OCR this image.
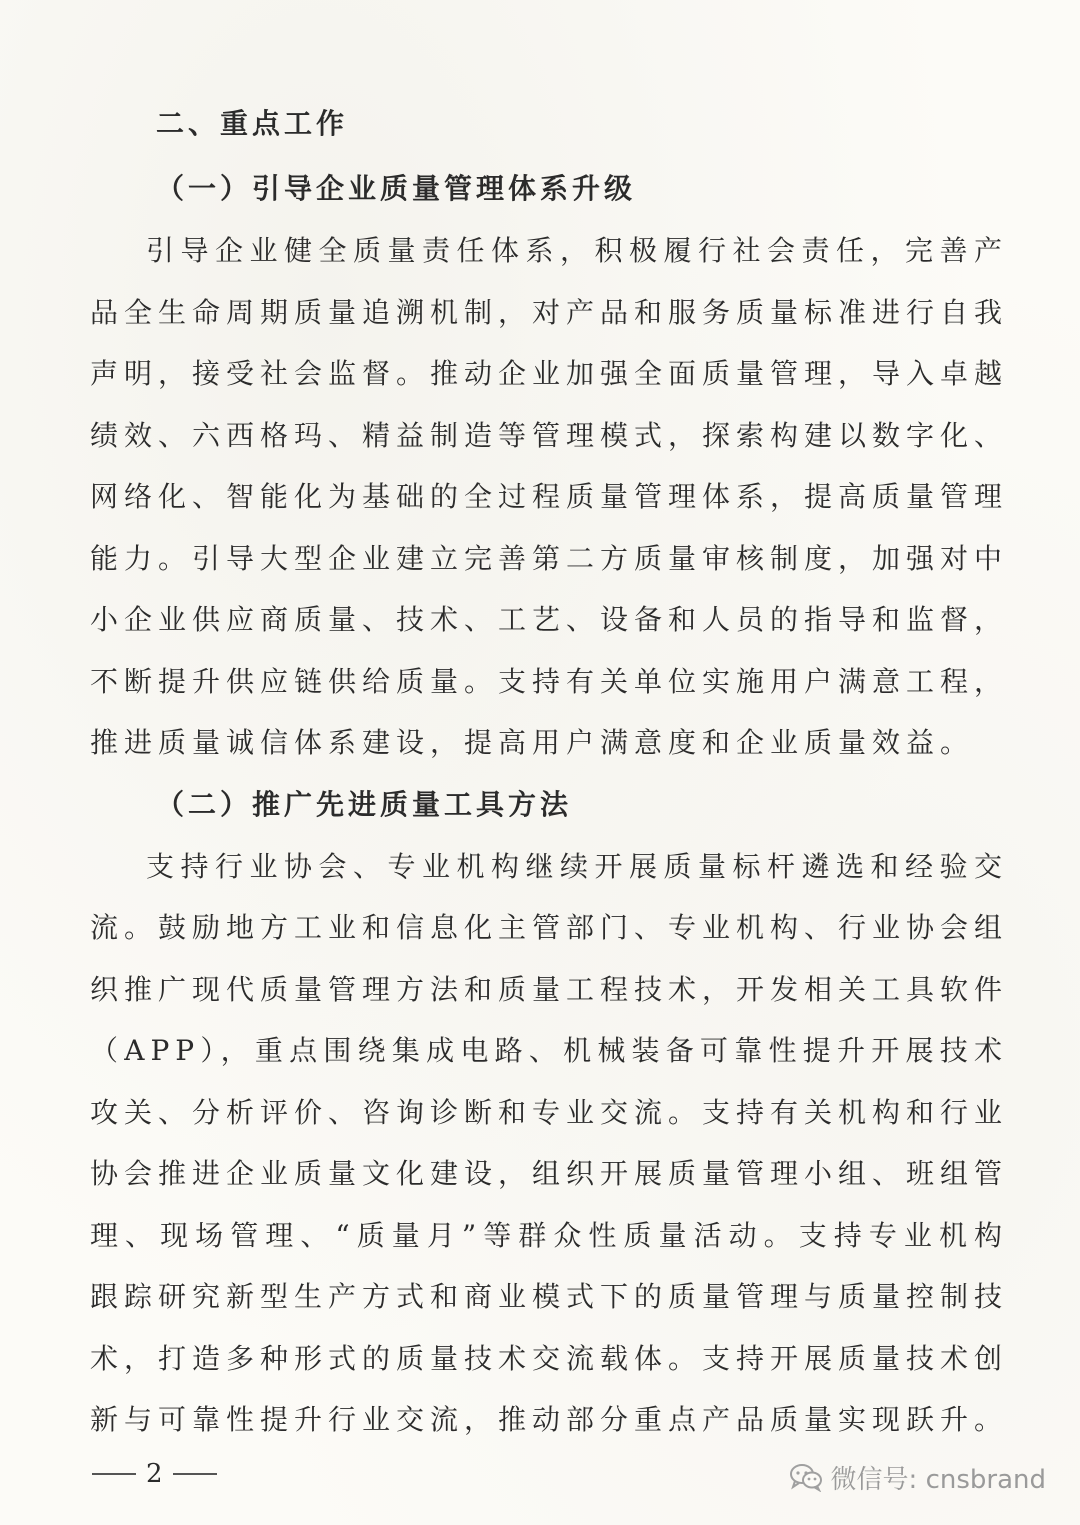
二、重点工作
（一）引导企业质量管理体系升级

引导企业健全质量责任体系，积极履行社会责任，完善产品全生命周期质量追溯机制，对产品和服务质量标准进行自我声明，接受社会监督。推动企业加强全面质量管理，导入卓越绩效、六西格玛、精益制造等管理模式，探索构建以数字化、网络化、智能化为基础的全过程质量管理体系，提高质量管理能力。引导大型企业建立完善第二方质量审核制度，加强对中小企业供应商质量、技术、工艺、设备和人员的指导和监督，不断提升供应链供给质量。支持有关单位实施用户满意工程，推进质量诚信体系建设，提高用户满意度和企业质量效益。

（二）推广先进质量工具方法

支持行业协会、专业机构继续开展质量标杆遴选和经验交流。鼓励地方工业和信息化主管部门、专业机构、行业协会组织推广现代质量管理方法和质量工程技术，开发相关工具软件（APP），重点围绕集成电路、机械装备可靠性提升开展技术攻关、分析评价、咨询诊断和专业交流。支持有关机构和行业协会推进企业质量文化建设，组织开展质量管理小组、班组管理、现场管理、“质量月”等群众性质量活动。支持专业机构跟踪研究新型生产方式和商业模式下的质量管理与质量控制技术，打造多种形式的质量技术交流载体。支持开展质量技术创新与可靠性提升行业交流，推动部分重点产品质量实现跃升。

2	微信号: cnsbrand
